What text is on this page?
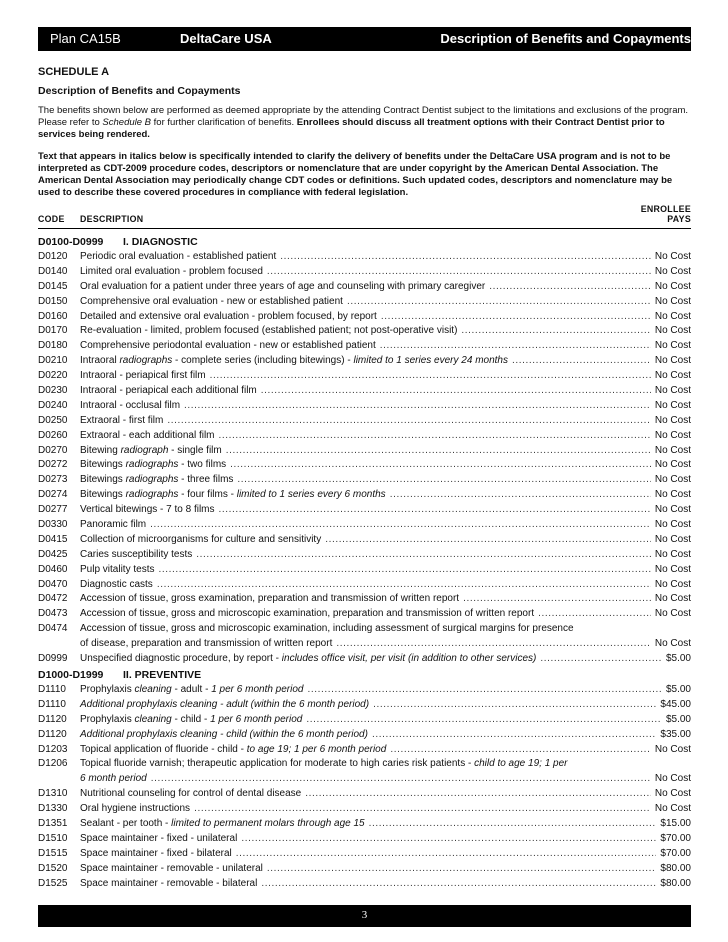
Plan CA15B	DeltaCare USA	Description of Benefits and Copayments
SCHEDULE A
Description of Benefits and Copayments
The benefits shown below are performed as deemed appropriate by the attending Contract Dentist subject to the limitations and exclusions of the program. Please refer to Schedule B for further clarification of benefits. Enrollees should discuss all treatment options with their Contract Dentist prior to services being rendered.
Text that appears in italics below is specifically intended to clarify the delivery of benefits under the DeltaCare USA program and is not to be interpreted as CDT-2009 procedure codes, descriptors or nomenclature that are under copyright by the American Dental Association. The American Dental Association may periodically change CDT codes or definitions. Such updated codes, descriptors and nomenclature may be used to describe these covered procedures in compliance with federal legislation.
CODE DESCRIPTION
ENROLLEE
PAYS
D0100-D0999 I. DIAGNOSTIC
D0120 Periodic oral evaluation - established patient .....	No Cost
D0140 Limited oral evaluation - problem focused .....	No Cost
D0145 Oral evaluation for a patient under three years of age and counseling with primary caregiver .....	No Cost
D0150 Comprehensive oral evaluation - new or established patient .....	No Cost
D0160 Detailed and extensive oral evaluation - problem focused, by report .....	No Cost
D0170 Re-evaluation - limited, problem focused (established patient; not post-operative visit) .....	No Cost
D0180 Comprehensive periodontal evaluation - new or established patient .....	No Cost
D0210 Intraoral radiographs - complete series (including bitewings) - limited to 1 series every 24 months .....	No Cost
D0220 Intraoral - periapical first film .....	No Cost
D0230 Intraoral - periapical each additional film .....	No Cost
D0240 Intraoral - occlusal film .....	No Cost
D0250 Extraoral - first film .....	No Cost
D0260 Extraoral - each additional film .....	No Cost
D0270 Bitewing radiograph - single film .....	No Cost
D0272 Bitewings radiographs - two films .....	No Cost
D0273 Bitewings radiographs - three films .....	No Cost
D0274 Bitewings radiographs - four films - limited to 1 series every 6 months .....	No Cost
D0277 Vertical bitewings - 7 to 8 films .....	No Cost
D0330 Panoramic film .....	No Cost
D0415 Collection of microorganisms for culture and sensitivity .....	No Cost
D0425 Caries susceptibility tests .....	No Cost
D0460 Pulp vitality tests .....	No Cost
D0470 Diagnostic casts .....	No Cost
D0472 Accession of tissue, gross examination, preparation and transmission of written report .....	No Cost
D0473 Accession of tissue, gross and microscopic examination, preparation and transmission of written report .....	No Cost
D0474 Accession of tissue, gross and microscopic examination, including assessment of surgical margins for presence
of disease, preparation and transmission of written report .....	No Cost
D0999 Unspecified diagnostic procedure, by report - includes office visit, per visit (in addition to other services) .....	$5.00
D1000-D1999 II. PREVENTIVE
D1110 Prophylaxis cleaning - adult - 1 per 6 month period .....	$5.00
D1110 Additional prophylaxis cleaning - adult (within the 6 month period) .....	$45.00
D1120 Prophylaxis cleaning - child - 1 per 6 month period .....	$5.00
D1120 Additional prophylaxis cleaning - child (within the 6 month period) .....	$35.00
D1203 Topical application of fluoride - child - to age 19; 1 per 6 month period .....	No Cost
D1206 Topical fluoride varnish; therapeutic application for moderate to high caries risk patients - child to age 19; 1 per
6 month period .....	No Cost
D1310 Nutritional counseling for control of dental disease .....	No Cost
D1330 Oral hygiene instructions .....	No Cost
D1351 Sealant - per tooth - limited to permanent molars through age 15 .....	$15.00
D1510 Space maintainer - fixed - unilateral .....	$70.00
D1515 Space maintainer - fixed - bilateral .....	$70.00
D1520 Space maintainer - removable - unilateral .....	$80.00
D1525 Space maintainer - removable - bilateral .....	$80.00
3
